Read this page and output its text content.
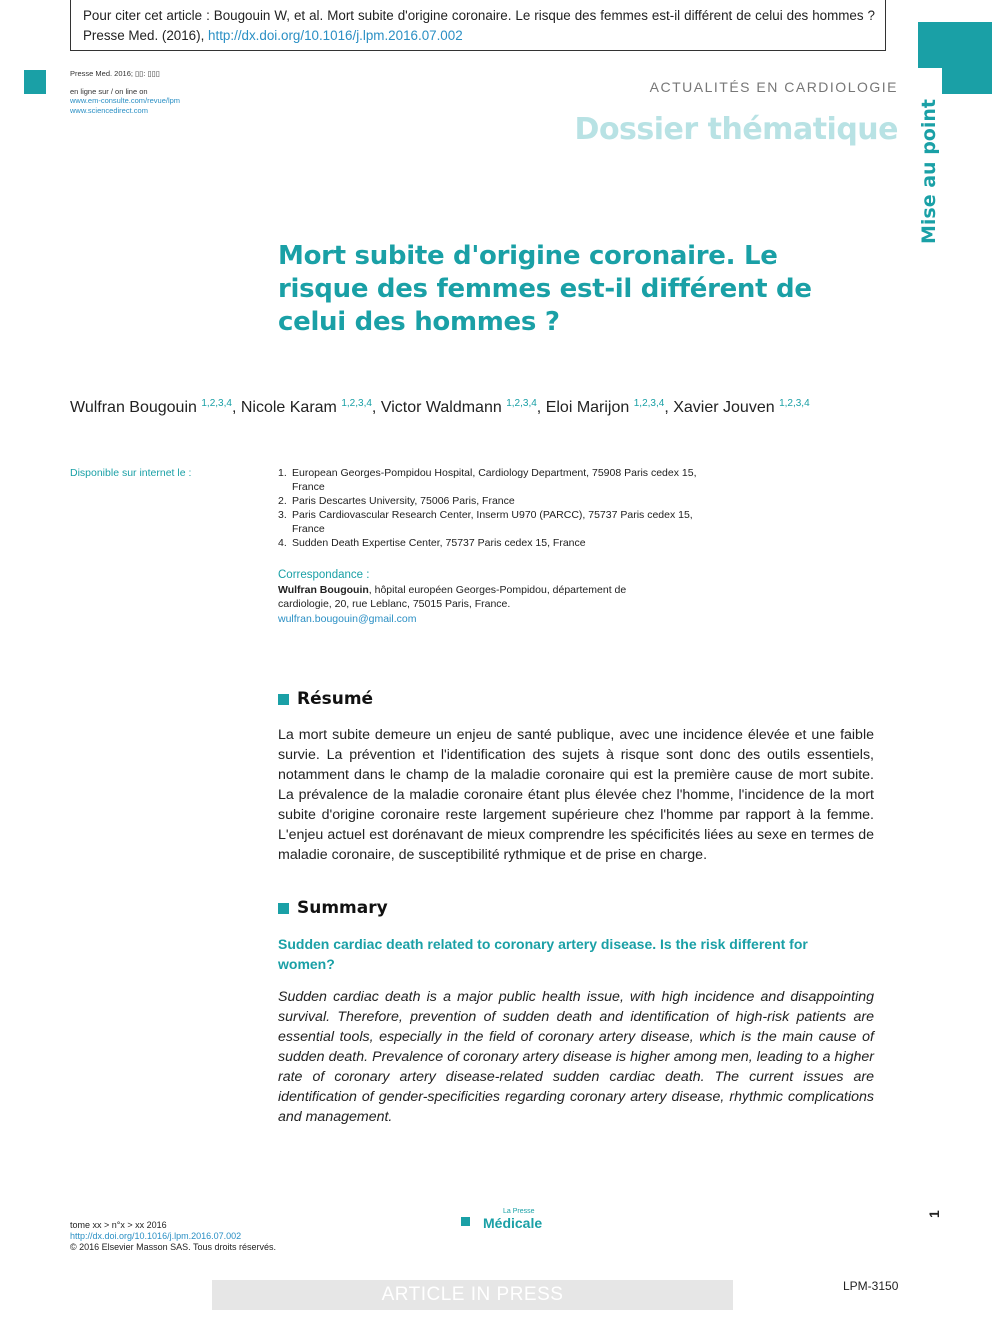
Pour citer cet article : Bougouin W, et al. Mort subite d'origine coronaire. Le risque des femmes est-il différent de celui des hommes ? Presse Med. (2016), http://dx.doi.org/10.1016/j.lpm.2016.07.002
Presse Med. 2016; ▯▯: ▯▯▯
en ligne sur / on line on
www.em-consulte.com/revue/lpm
www.sciencedirect.com
ACTUALITÉS EN CARDIOLOGIE
Dossier thématique Mise au point
Mort subite d'origine coronaire. Le risque des femmes est-il différent de celui des hommes ?
Wulfran Bougouin $^{1,2,3,4}$, Nicole Karam $^{1,2,3,4}$, Victor Waldmann $^{1,2,3,4}$, Eloi Marijon $^{1,2,3,4}$, Xavier Jouven $^{1,2,3,4}$
Disponible sur internet le :	1. European Georges-Pompidou Hospital, Cardiology Department, 75908 Paris cedex 15, France
2. Paris Descartes University, 75006 Paris, France
3. Paris Cardiovascular Research Center, Inserm U970 (PARCC), 75737 Paris cedex 15, France
4. Sudden Death Expertise Center, 75737 Paris cedex 15, France
Correspondance :
Wulfran Bougouin, hôpital européen Georges-Pompidou, département de cardiologie, 20, rue Leblanc, 75015 Paris, France.
wulfran.bougouin@gmail.com
Résumé
La mort subite demeure un enjeu de santé publique, avec une incidence élevée et une faible survie. La prévention et l'identification des sujets à risque sont donc des outils essentiels, notamment dans le champ de la maladie coronaire qui est la première cause de mort subite. La prévalence de la maladie coronaire étant plus élevée chez l'homme, l'incidence de la mort subite d'origine coronaire reste largement supérieure chez l'homme par rapport à la femme. L'enjeu actuel est dorénavant de mieux comprendre les spécificités liées au sexe en termes de maladie coronaire, de susceptibilité rythmique et de prise en charge.
Summary
Sudden cardiac death related to coronary artery disease. Is the risk different for women?
Sudden cardiac death is a major public health issue, with high incidence and disappointing survival. Therefore, prevention of sudden death and identification of high-risk patients are essential tools, especially in the field of coronary artery disease, which is the main cause of sudden death. Prevalence of coronary artery disease is higher among men, leading to a higher rate of coronary artery disease-related sudden cardiac death. The current issues are identification of gender-specificities regarding coronary artery disease, rhythmic complications and management.
tome xx > n°x > xx 2016
http://dx.doi.org/10.1016/j.lpm.2016.07.002
© 2016 Elsevier Masson SAS. Tous droits réservés.
La Presse
Médicale
1
ARTICLE IN PRESS	LPM-3150
